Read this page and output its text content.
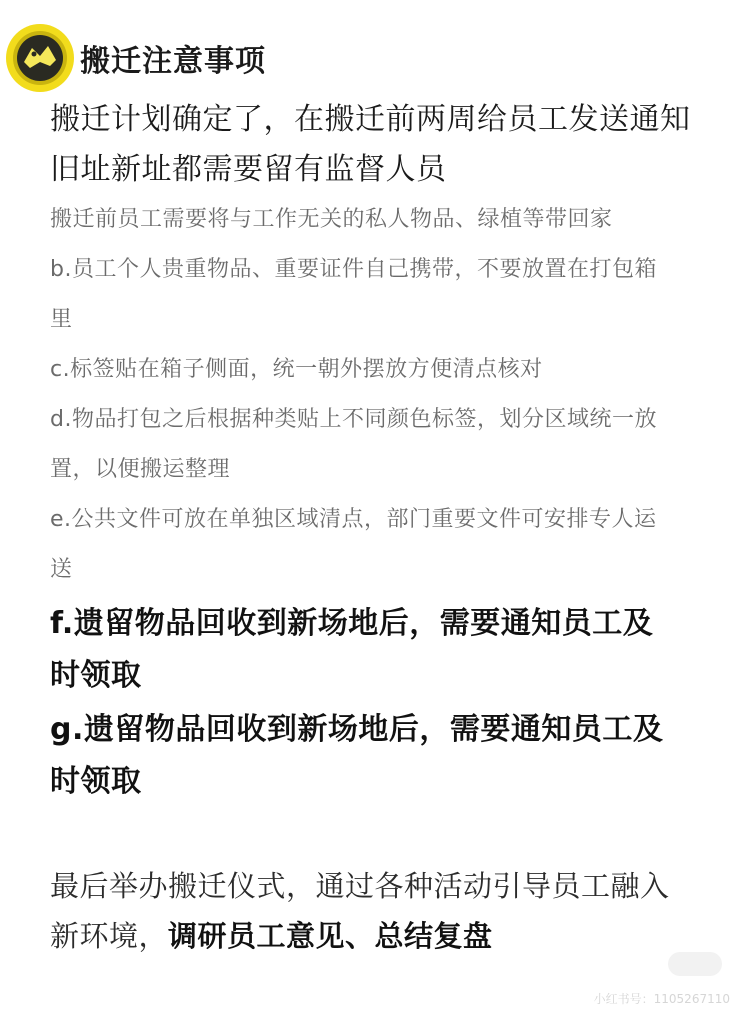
搬迁注意事项
搬迁计划确定了，在搬迁前两周给员工发送通知
旧址新址都需要留有监督人员
搬迁前员工需要将与工作无关的私人物品、绿植等带回家
b.员工个人贵重物品、重要证件自己携带，不要放置在打包箱
里
c.标签贴在箱子侧面，统一朝外摆放方便清点核对
d.物品打包之后根据种类贴上不同颜色标签，划分区域统一放
置，以便搬运整理
e.公共文件可放在单独区域清点，部门重要文件可安排专人运
送
f.遗留物品回收到新场地后，需要通知员工及
时领取
g.遗留物品回收到新场地后，需要通知员工及
时领取
最后举办搬迁仪式，通过各种活动引导员工融入
新环境，调研员工意见、总结复盘
小红书号：1105267110
